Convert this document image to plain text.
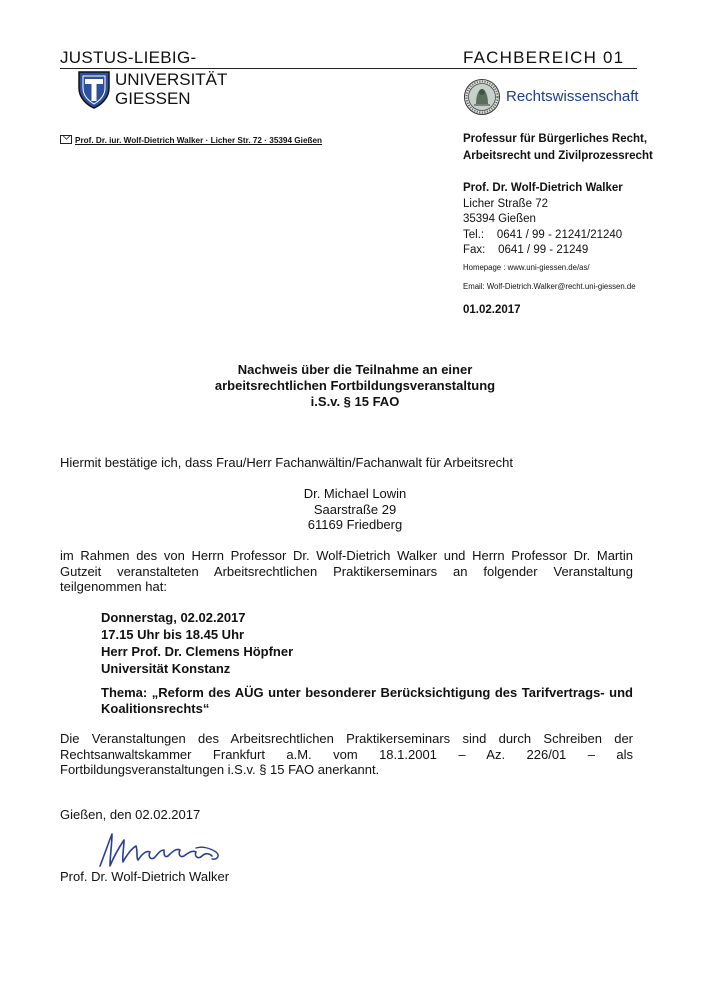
JUSTUS-LIEBIG-	FACHBEREICH 01
UNIVERSITÄT
GIESSEN	Rechtswissenschaft
Prof. Dr. iur. Wolf-Dietrich Walker · Licher Str. 72 · 35394 Gießen	Professur für Bürgerliches Recht,
Arbeitsrecht und Zivilprozessrecht
Prof. Dr. Wolf-Dietrich Walker
Licher Straße 72
35394 Gießen
Tel.:    0641 / 99 - 21241/21240
Fax:    0641 / 99 - 21249
Homepage : www.uni-giessen.de/as/
Email: Wolf-Dietrich.Walker@recht.uni-giessen.de
01.02.2017
Nachweis über die Teilnahme an einer
arbeitsrechtlichen Fortbildungsveranstaltung
i.S.v. § 15 FAO
Hiermit bestätige ich, dass Frau/Herr Fachanwältin/Fachanwalt für Arbeitsrecht
Dr. Michael Lowin
Saarstraße 29
61169 Friedberg
im Rahmen des von Herrn Professor Dr. Wolf-Dietrich Walker und Herrn Professor Dr. Martin Gutzeit veranstalteten Arbeitsrechtlichen Praktikerseminars an folgender Veranstaltung teilgenommen hat:
Donnerstag, 02.02.2017
17.15 Uhr bis 18.45 Uhr
Herr Prof. Dr. Clemens Höpfner
Universität Konstanz
Thema: „Reform des AÜG unter besonderer Berücksichtigung des Tarifvertrags- und Koalitionsrechts“
Die Veranstaltungen des Arbeitsrechtlichen Praktikerseminars sind durch Schreiben der Rechtsanwaltskammer Frankfurt a.M. vom 18.1.2001 – Az. 226/01 – als Fortbildungsveranstaltungen i.S.v. § 15 FAO anerkannt.
Gießen, den 02.02.2017
Prof. Dr. Wolf-Dietrich Walker
